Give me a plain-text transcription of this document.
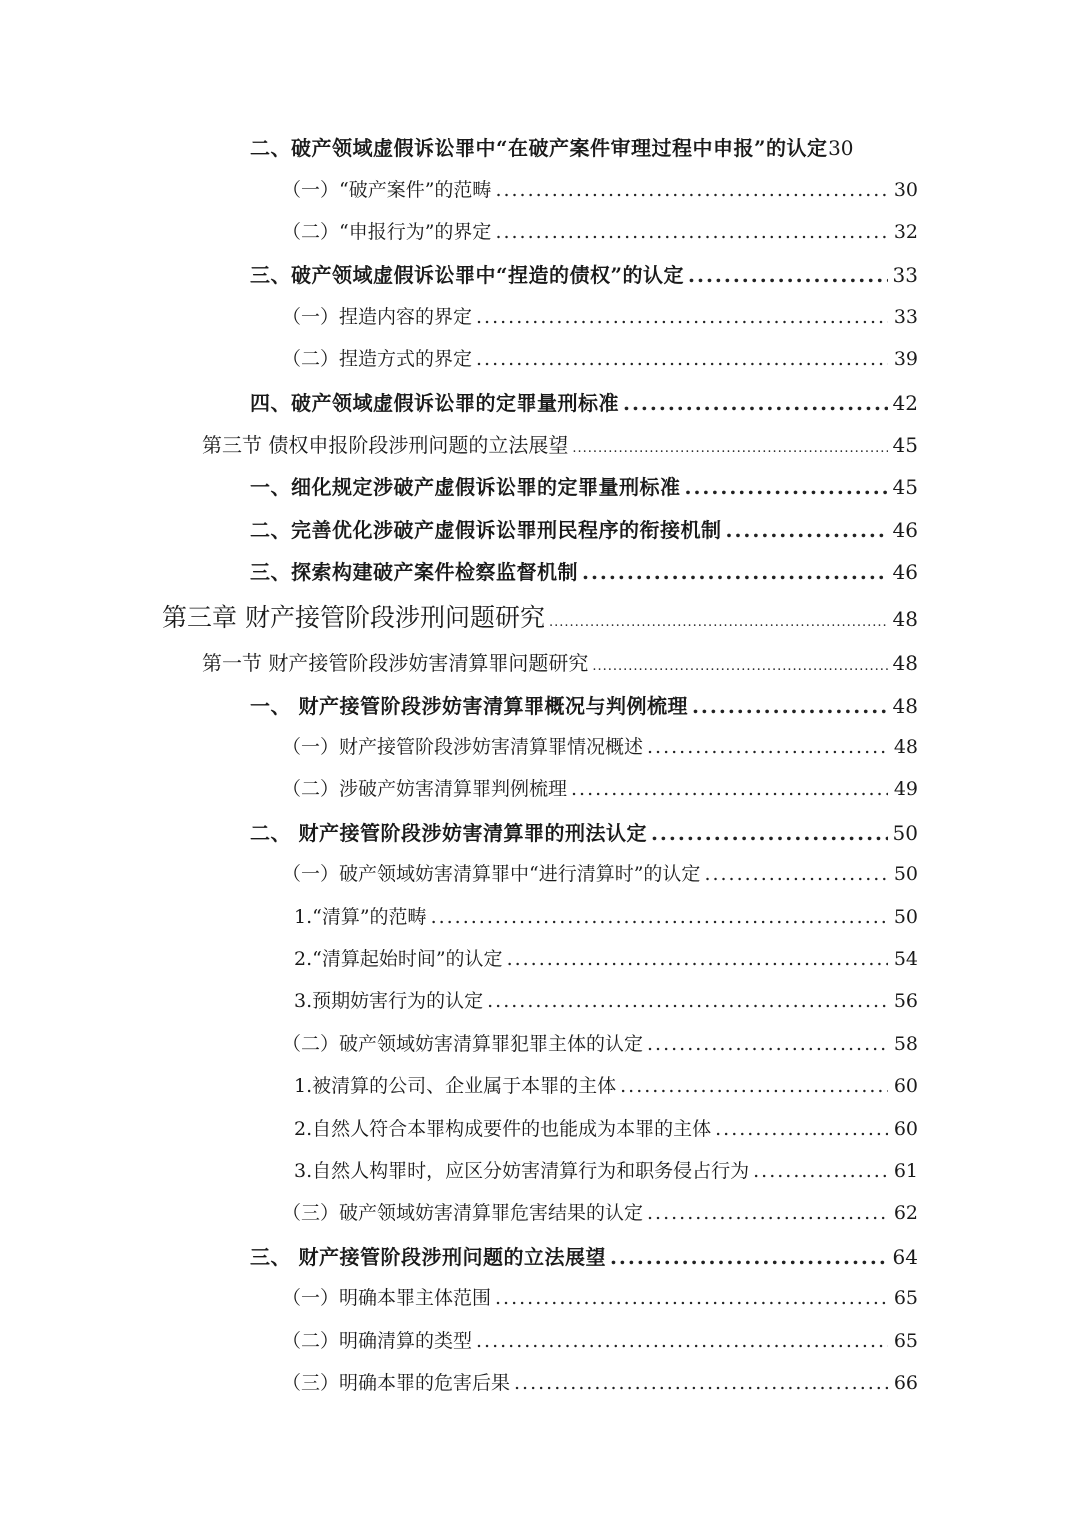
二、破产领域虚假诉讼罪中“在破产案件审理过程中申报”的认定 30
（一）“破产案件”的范畴 .....	30
（二）“申报行为”的界定 .....	32
三、破产领域虚假诉讼罪中“捏造的债权”的认定 .....	33
（一）捏造内容的界定 .....	33
（二）捏造方式的界定 .....	39
四、破产领域虚假诉讼罪的定罪量刑标准 .....	42
第三节 债权申报阶段涉刑问题的立法展望 .....	45
一、细化规定涉破产虚假诉讼罪的定罪量刑标准 .....	45
二、完善优化涉破产虚假诉讼罪刑民程序的衔接机制 .....	46
三、探索构建破产案件检察监督机制 .....	46
第三章 财产接管阶段涉刑问题研究 .....	48
第一节 财产接管阶段涉妨害清算罪问题研究 .....	48
一、 财产接管阶段涉妨害清算罪概况与判例梳理 .....	48
（一）财产接管阶段涉妨害清算罪情况概述 .....	48
（二）涉破产妨害清算罪判例梳理 .....	49
二、 财产接管阶段涉妨害清算罪的刑法认定 .....	50
（一）破产领域妨害清算罪中“进行清算时”的认定 .....	50
1.“清算”的范畴 .....	50
2.“清算起始时间”的认定 .....	54
3.预期妨害行为的认定 .....	56
（二）破产领域妨害清算罪犯罪主体的认定 .....	58
1.被清算的公司、企业属于本罪的主体 .....	60
2.自然人符合本罪构成要件的也能成为本罪的主体 .....	60
3.自然人构罪时，应区分妨害清算行为和职务侵占行为 .....	61
（三）破产领域妨害清算罪危害结果的认定 .....	62
三、 财产接管阶段涉刑问题的立法展望 .....	64
（一）明确本罪主体范围 .....	65
（二）明确清算的类型 .....	65
（三）明确本罪的危害后果 .....	66
